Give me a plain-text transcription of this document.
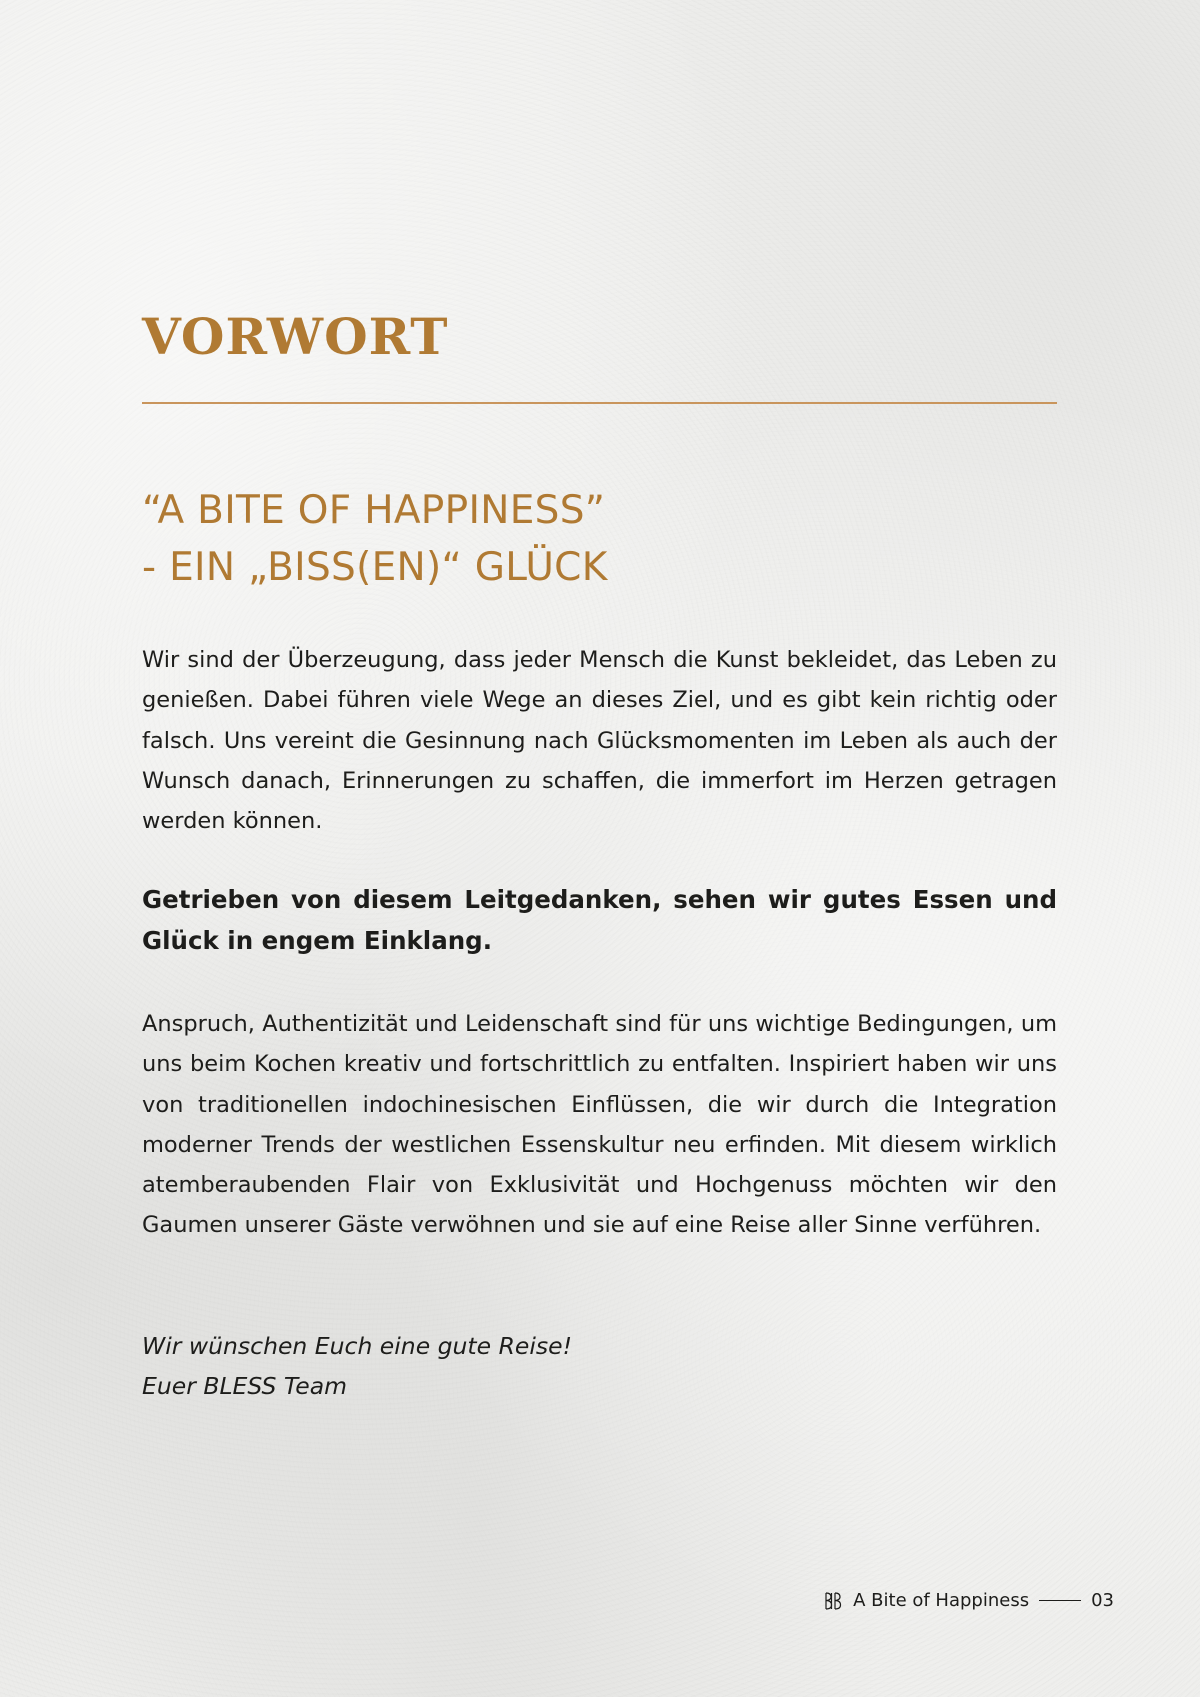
VORWORT
“A BITE OF HAPPINESS”
- EIN „BISS(EN)“ GLÜCK

Wir sind der Überzeugung, dass jeder Mensch die Kunst bekleidet, das Leben zu genießen. Dabei führen viele Wege an dieses Ziel, und es gibt kein richtig oder falsch. Uns vereint die Gesinnung nach Glücksmomenten im Leben als auch der Wunsch danach, Erinnerungen zu schaffen, die immerfort im Herzen getragen werden können.

Getrieben von diesem Leitgedanken, sehen wir gutes Essen und Glück in engem Einklang.

Anspruch, Authentizität und Leidenschaft sind für uns wichtige Bedingungen, um uns beim Kochen kreativ und fortschrittlich zu entfalten. Inspiriert haben wir uns von traditionellen indochinesischen Einflüssen, die wir durch die Integration moderner Trends der westlichen Essenskultur neu erfinden. Mit diesem wirklich atemberaubenden Flair von Exklusivität und Hochgenuss möchten wir den Gaumen unserer Gäste verwöhnen und sie auf eine Reise aller Sinne verführen.

Wir wünschen Euch eine gute Reise!
Euer BLESS Team

A Bite of Happiness	03
